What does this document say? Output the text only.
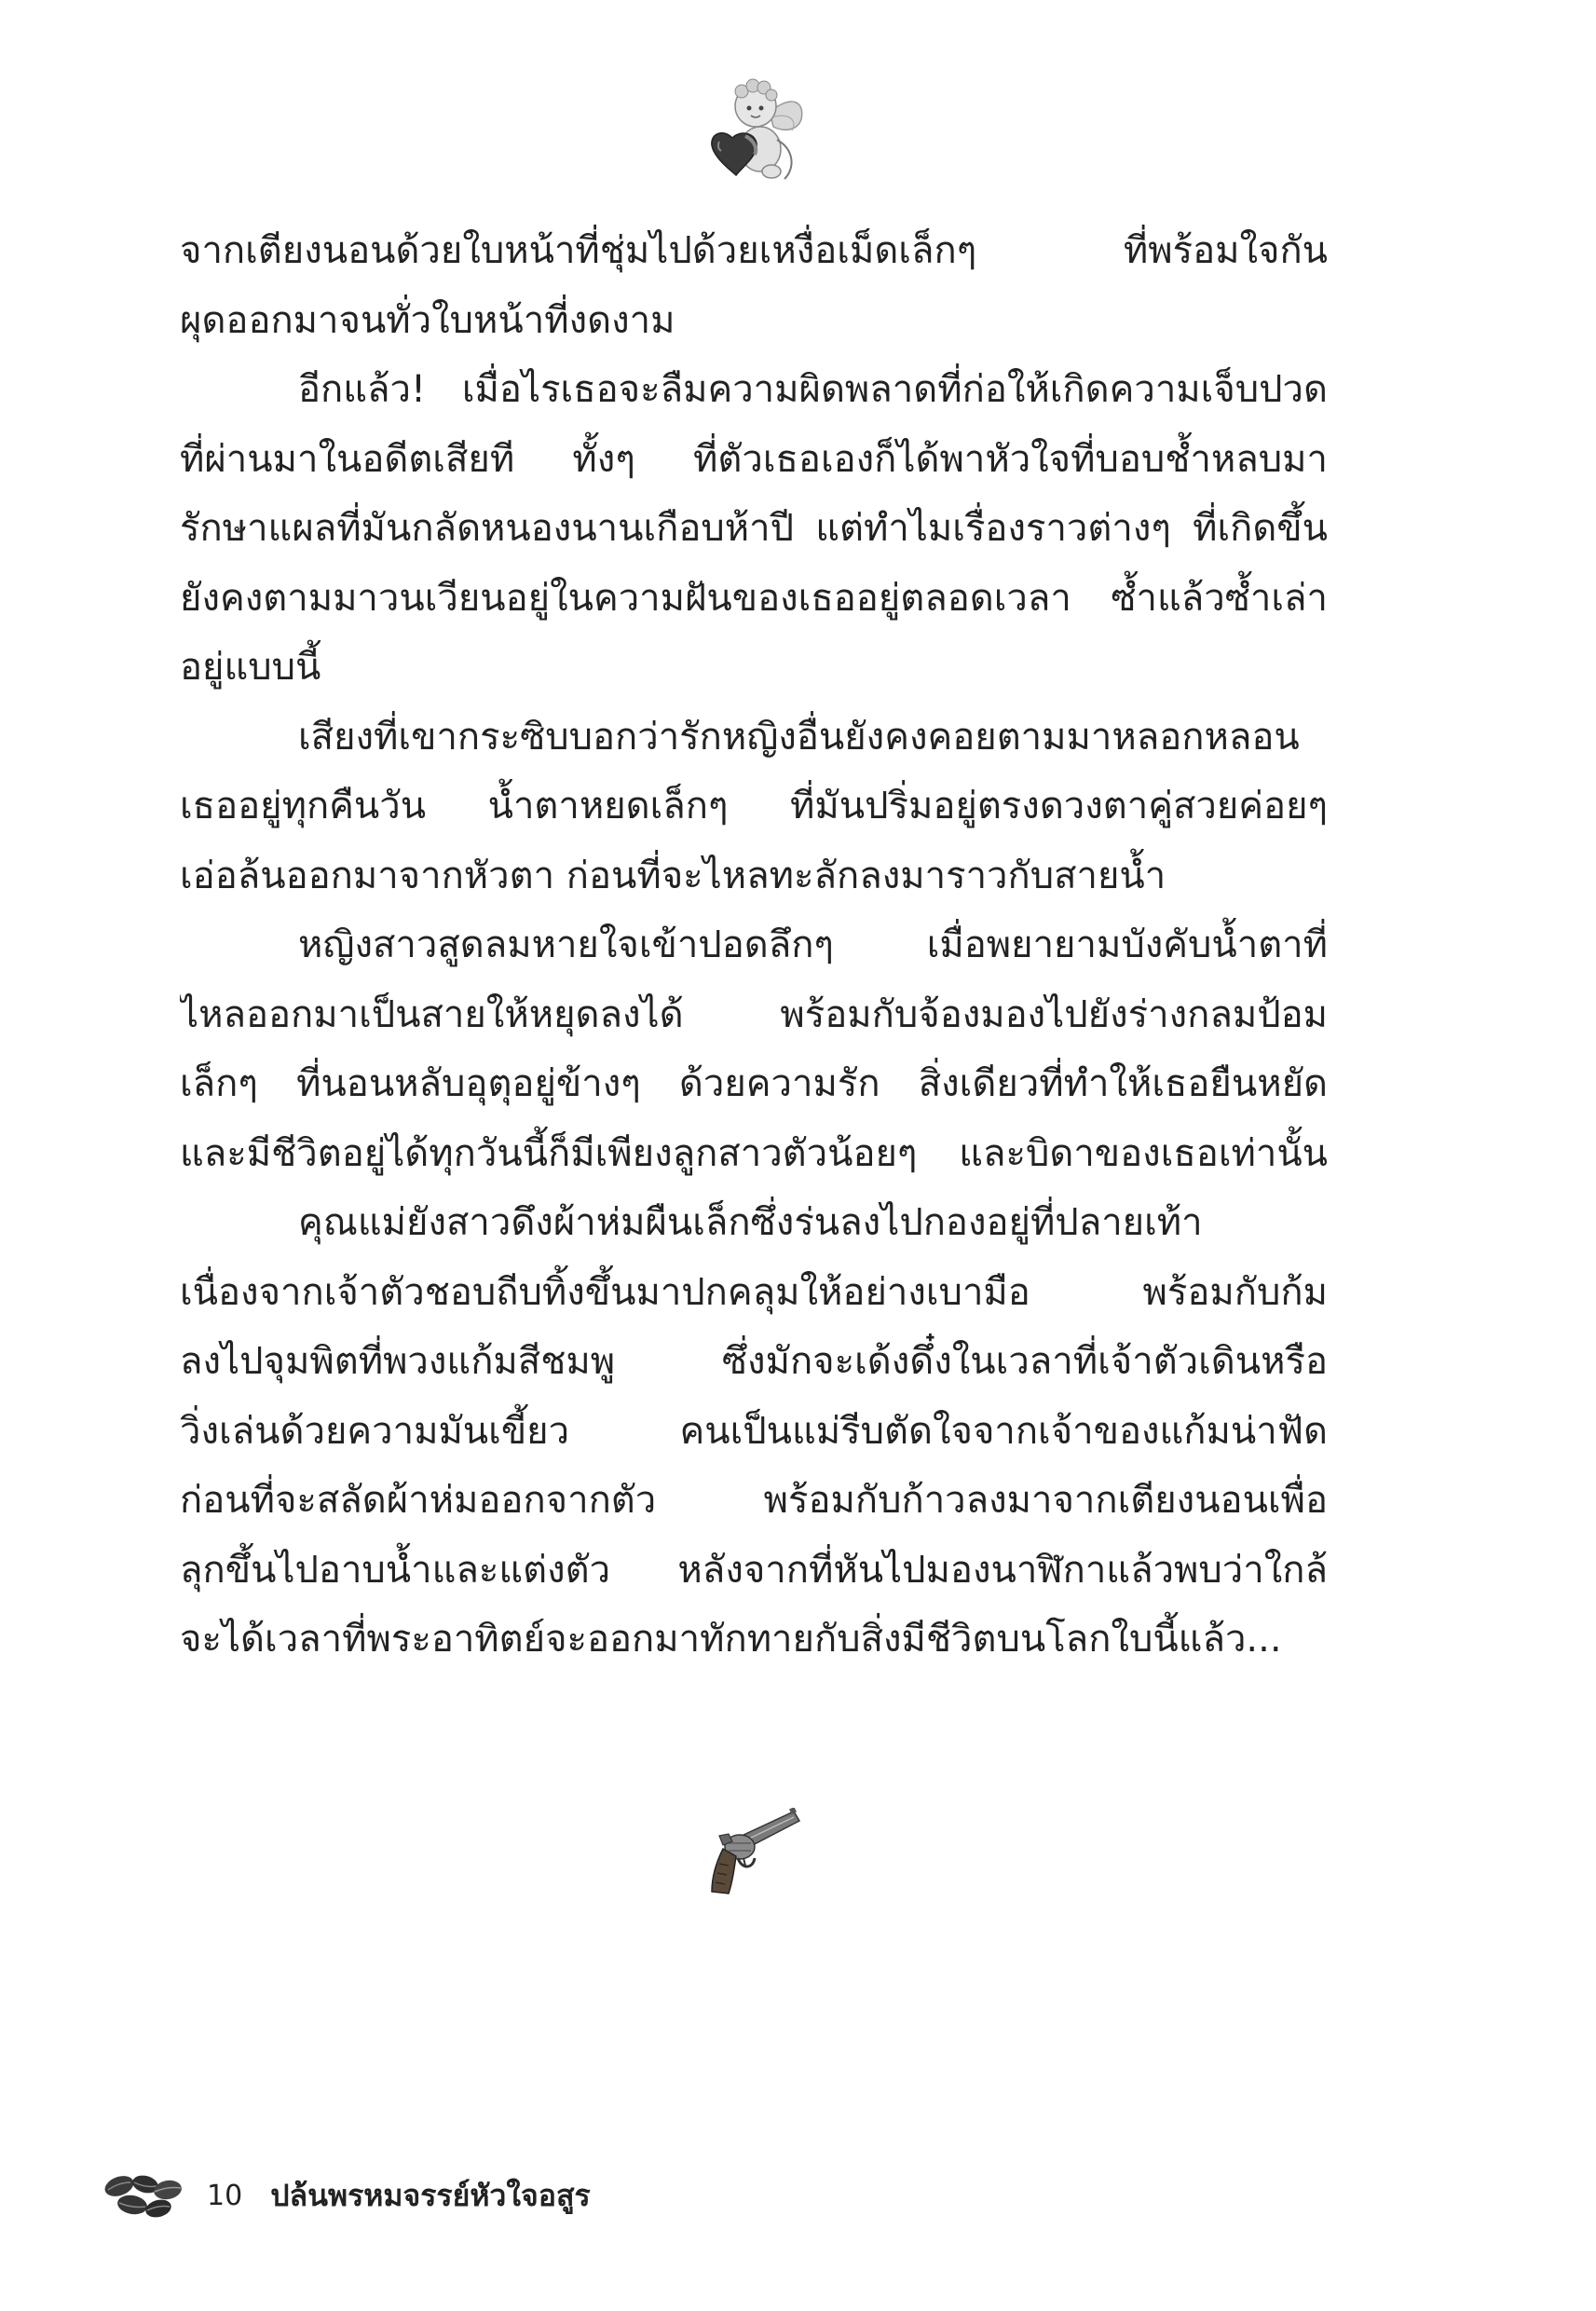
จากเตียงนอนด้วยใบหน้าที่ชุ่มไปด้วยเหงื่อเม็ดเล็กๆ ที่พร้อมใจกัน
ผุดออกมาจนทั่วใบหน้าที่งดงาม
อีกแล้ว! เมื่อไรเธอจะลืมความผิดพลาดที่ก่อให้เกิดความเจ็บปวด
ที่ผ่านมาในอดีตเสียที ทั้งๆ ที่ตัวเธอเองก็ได้พาหัวใจที่บอบช้ำหลบมา
รักษาแผลที่มันกลัดหนองนานเกือบห้าปี แต่ทำไมเรื่องราวต่างๆ ที่เกิดขึ้น
ยังคงตามมาวนเวียนอยู่ในความฝันของเธออยู่ตลอดเวลา ซ้ำแล้วซ้ำเล่า
อยู่แบบนี้
เสียงที่เขากระซิบบอกว่ารักหญิงอื่นยังคงคอยตามมาหลอกหลอน
เธออยู่ทุกคืนวัน น้ำตาหยดเล็กๆ ที่มันปริ่มอยู่ตรงดวงตาคู่สวยค่อยๆ
เอ่อล้นออกมาจากหัวตา ก่อนที่จะไหลทะลักลงมาราวกับสายน้ำ
หญิงสาวสูดลมหายใจเข้าปอดลึกๆ เมื่อพยายามบังคับน้ำตาที่
ไหลออกมาเป็นสายให้หยุดลงได้ พร้อมกับจ้องมองไปยังร่างกลมป้อม
เล็กๆ ที่นอนหลับอุตุอยู่ข้างๆ ด้วยความรัก สิ่งเดียวที่ทำให้เธอยืนหยัด
และมีชีวิตอยู่ได้ทุกวันนี้ก็มีเพียงลูกสาวตัวน้อยๆ และบิดาของเธอเท่านั้น
คุณแม่ยังสาวดึงผ้าห่มผืนเล็กซึ่งร่นลงไปกองอยู่ที่ปลายเท้า
เนื่องจากเจ้าตัวชอบถีบทิ้งขึ้นมาปกคลุมให้อย่างเบามือ พร้อมกับก้ม
ลงไปจุมพิตที่พวงแก้มสีชมพู ซึ่งมักจะเด้งดึ๋งในเวลาที่เจ้าตัวเดินหรือ
วิ่งเล่นด้วยความมันเขี้ยว คนเป็นแม่รีบตัดใจจากเจ้าของแก้มน่าฟัด
ก่อนที่จะสลัดผ้าห่มออกจากตัว พร้อมกับก้าวลงมาจากเตียงนอนเพื่อ
ลุกขึ้นไปอาบน้ำและแต่งตัว หลังจากที่หันไปมองนาฬิกาแล้วพบว่าใกล้
จะได้เวลาที่พระอาทิตย์จะออกมาทักทายกับสิ่งมีชีวิตบนโลกใบนี้แล้ว...
10 ปล้นพรหมจรรย์หัวใจอสูร
